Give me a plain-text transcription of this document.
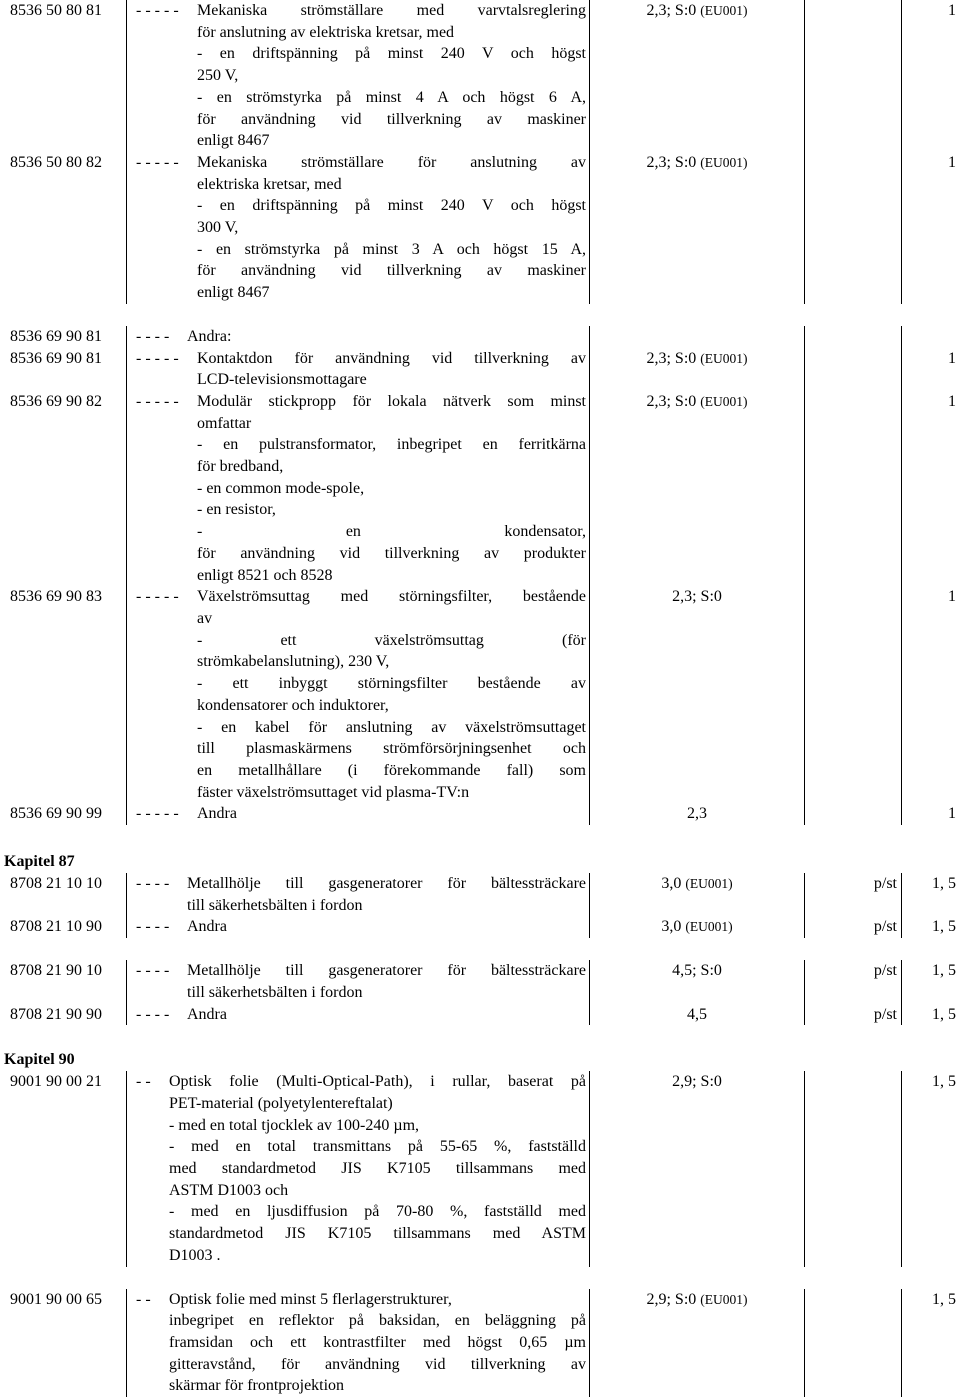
8536 50 80 81	- - - - -	Mekaniska strömställare med varvtalsreglering
för anslutning av elektriska kretsar, med
- en driftspänning på minst 240 V och högst
250 V,
- en strömstyrka på minst 4 A och högst 6 A,
för användning vid tillverkning av maskiner
enligt 8467
2,3; S:0 (EU001)	1
8536 50 80 82	- - - - -	Mekaniska strömställare för anslutning av
elektriska kretsar, med
- en driftspänning på minst 240 V och högst
300 V,
- en strömstyrka på minst 3 A och högst 15 A,
för användning vid tillverkning av maskiner
enligt 8467
2,3; S:0 (EU001)	1
8536 69 90 81	- - - -	Andra:
8536 69 90 81	- - - - -	Kontaktdon för användning vid tillverkning av
LCD-televisionsmottagare
2,3; S:0 (EU001)	1
8536 69 90 82	- - - - -	Modulär stickpropp för lokala nätverk som minst
omfattar
- en pulstransformator, inbegripet en ferritkärna
för bredband,
- en common mode-spole,
- en resistor,
- en kondensator,
för användning vid tillverkning av produkter
enligt 8521 och 8528
2,3; S:0 (EU001)	1
8536 69 90 83	- - - - -	Växelströmsuttag med störningsfilter, bestående
av
- ett växelströmsuttag (för
strömkabelanslutning), 230 V,
- ett inbyggt störningsfilter bestående av
kondensatorer och induktorer,
- en kabel för anslutning av växelströmsuttaget
till plasmaskärmens strömförsörjningsenhet och
en metallhållare (i förekommande fall) som
fäster växelströmsuttaget vid plasma-TV:n
2,3; S:0	1
8536 69 90 99	- - - - -	Andra	2,3	1
Kapitel 87
8708 21 10 10	- - - -	Metallhölje till gasgeneratorer för bältessträckare
till säkerhetsbälten i fordon
3,0 (EU001)	p/st	1, 5
8708 21 10 90	- - - -	Andra	3,0 (EU001)	p/st	1, 5
8708 21 90 10	- - - -	Metallhölje till gasgeneratorer för bältessträckare
till säkerhetsbälten i fordon
4,5; S:0	p/st	1, 5
8708 21 90 90	- - - -	Andra	4,5	p/st	1, 5
Kapitel 90
9001 90 00 21	- -	Optisk folie (Multi-Optical-Path), i rullar, baserat på
PET-material (polyetylentereftalat)
- med en total tjocklek av 100-240 µm,
- med en total transmittans på 55-65 %, fastställd
med standardmetod JIS K7105 tillsammans med
ASTM D1003 och
- med en ljusdiffusion på 70-80 %, fastställd med
standardmetod JIS K7105 tillsammans med ASTM
D1003 .
2,9; S:0	1, 5
9001 90 00 65	- -	Optisk folie med minst 5 flerlagerstrukturer,
inbegripet en reflektor på baksidan, en beläggning på
framsidan och ett kontrastfilter med högst 0,65 µm
gitteravstånd, för användning vid tillverkning av
skärmar för frontprojektion
2,9; S:0 (EU001)	1, 5
